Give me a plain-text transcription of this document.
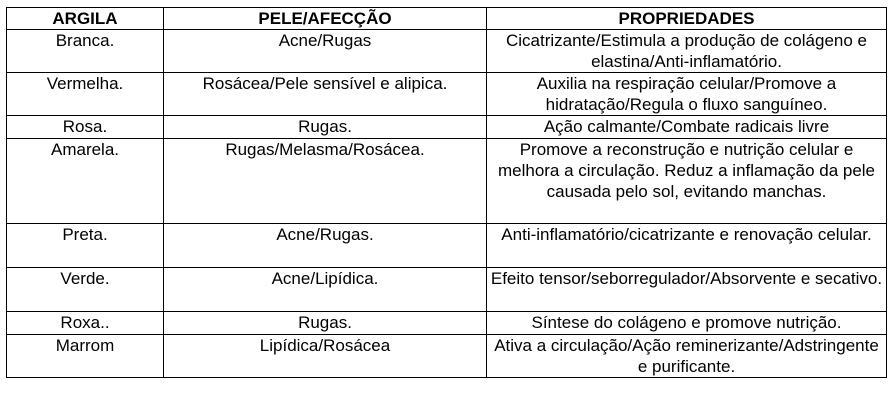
ARGILA	PELE/AFECÇÃO	PROPRIEDADES
Branca.	Acne/Rugas	Cicatrizante/Estimula a produção de colágeno e elastina/Anti-inflamatório.
Vermelha.	Rosácea/Pele sensível e alipica.	Auxilia na respiração celular/Promove a hidratação/Regula o fluxo sanguíneo.
Rosa.	Rugas.	Ação calmante/Combate radicais livre
Amarela.	Rugas/Melasma/Rosácea.	Promove a reconstrução e nutrição celular e melhora a circulação. Reduz a inflamação da pele causada pelo sol, evitando manchas.
Preta.	Acne/Rugas.	Anti-inflamatório/cicatrizante e renovação celular.
Verde.	Acne/Lipídica.	Efeito tensor/seborregulador/Absorvente e secativo.
Roxa..	Rugas.	Síntese do colágeno e promove nutrição.
Marrom	Lipídica/Rosácea	Ativa a circulação/Ação reminerizante/Adstringente e purificante.
